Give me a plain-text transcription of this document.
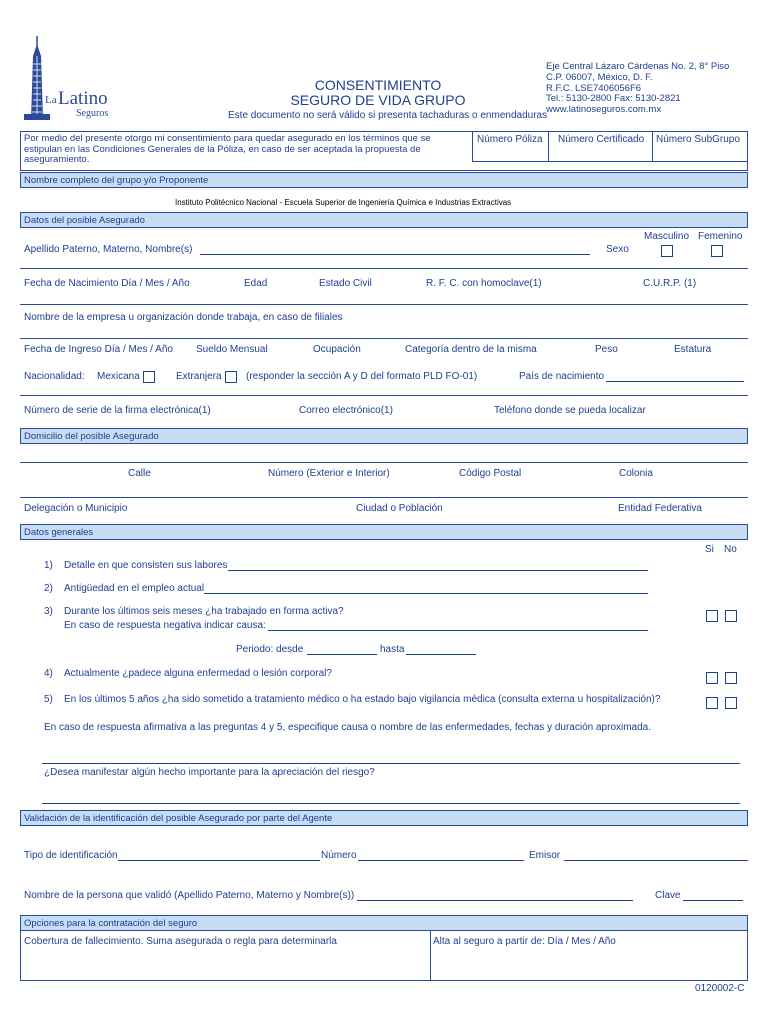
La Latino
Seguros
CONSENTIMIENTO
SEGURO DE VIDA GRUPO
Este documento no será válido si presenta tachaduras o enmendaduras
Eje Central Lázaro Cárdenas No. 2, 8° Piso
C.P. 06007, México, D. F.
R.F.C. LSE7406056F6
Tel.: 5130-2800 Fax: 5130-2821
www.latinoseguros.com.mx
Por medio del presente otorgo mi consentimiento para quedar asegurado en los términos que se estipulan en las Condiciones Generales de la Póliza, en caso de ser aceptada la propuesta de aseguramiento.
Número Póliza Número Certificado Número SubGrupo
Nombre completo del grupo y/o Proponente
Instituto Politécnico Nacional - Escuela Superior de Ingeniería Química e Industrias Extractivas
Datos del posible Asegurado
Apellido Paterno, Materno, Nombre(s)	Sexo
Masculino Femenino
Fecha de Nacimiento Día / Mes / Año	Edad	Estado Civil	R. F. C. con homoclave(1)	C.U.R.P. (1)
Nombre de la empresa u organización donde trabaja, en caso de filiales
Fecha de Ingreso Día / Mes / Año Sueldo Mensual	Ocupación	Categoría dentro de la misma	Peso	Estatura
Nacionalidad: Mexicana	Extranjera (responder la sección A y D del formato PLD FO-01)	País de nacimiento
Número de serie de la firma electrónica(1)	Correo electrónico(1)	Teléfono donde se pueda localizar
Domicilio del posible Asegurado
Calle	Número (Exterior e Interior)	Código Postal	Colonia
Delegación o Municipio	Ciudad o Población	Entidad Federativa
Datos generales
Si No
1) Detalle en que consisten sus labores
2) Antigüedad en el empleo actual
3) Durante los últimos seis meses ¿ha trabajado en forma activa?
En caso de respuesta negativa indicar causa:
Periodo: desde	hasta
4) Actualmente ¿padece alguna enfermedad o lesión corporal?
5) En los últimos 5 años ¿ha sido sometido a tratamiento médico o ha estado bajo vigilancia médica (consulta externa u hospitalización)?
En caso de respuesta afirmativa a las preguntas 4 y 5, especifique causa o nombre de las enfermedades, fechas y duración aproximada.
¿Desea manifestar algún hecho importante para la apreciación del riesgo?
Validación de la identificación del posible Asegurado por parte del Agente
Tipo de identificación	Número	Emisor
Nombre de la persona que validó (Apellido Paterno, Materno y Nombre(s))	Clave
Opciones para la contratación del seguro
Cobertura de fallecimiento. Suma asegurada o regla para determinarla	Alta al seguro a partir de: Día / Mes / Año
0120002-C
